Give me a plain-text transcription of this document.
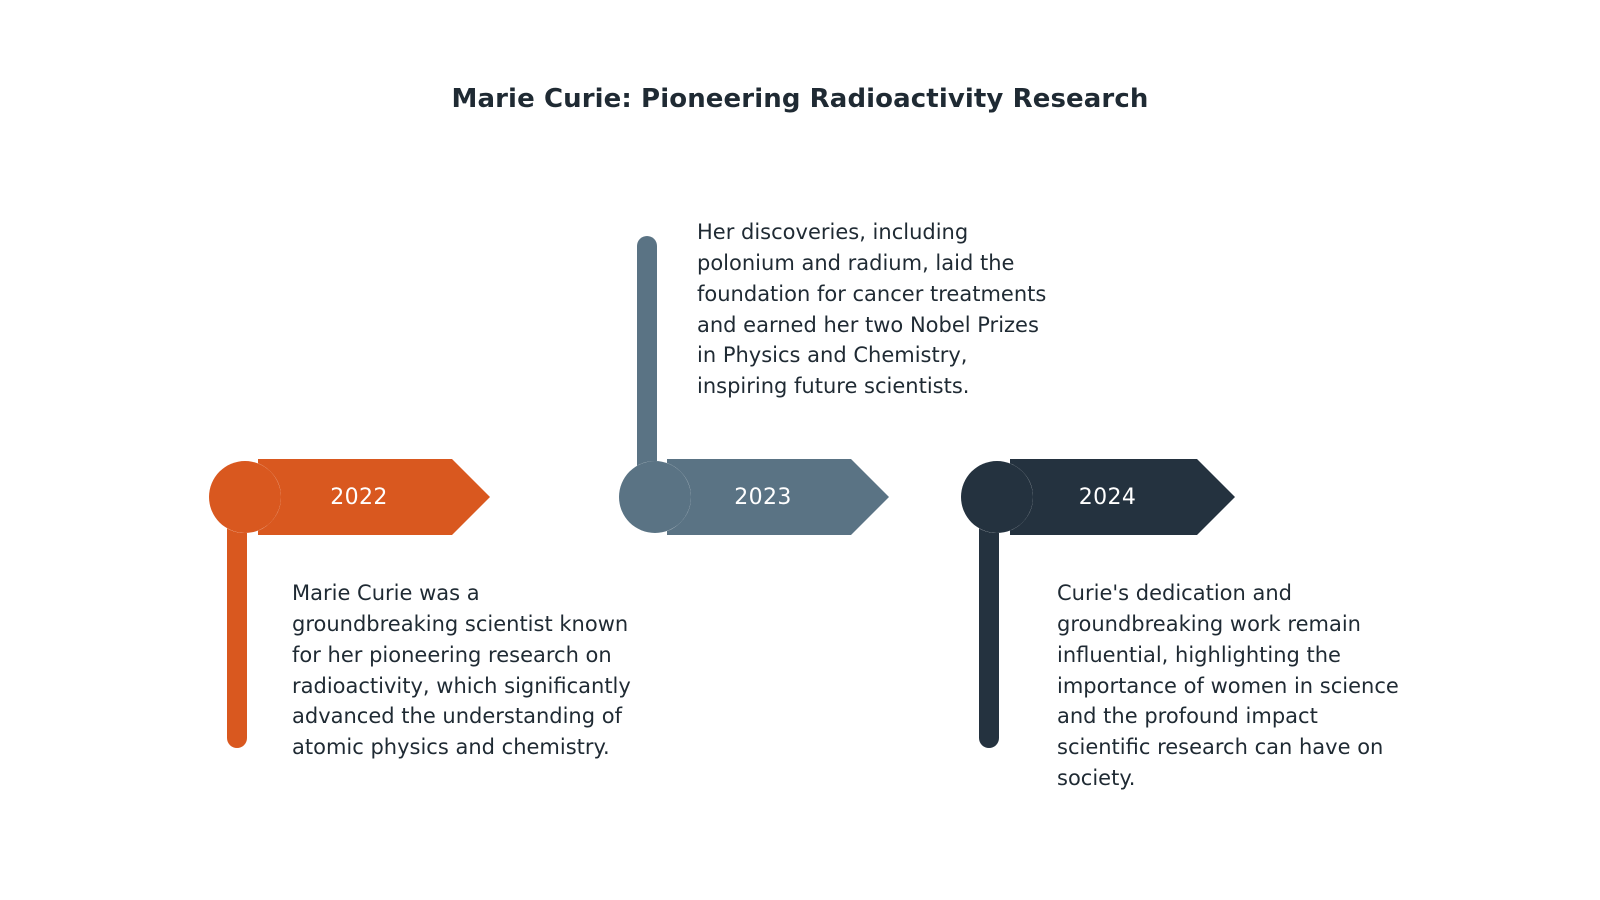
Marie Curie: Pioneering Radioactivity Research
2022
Marie Curie was a groundbreaking scientist known for her pioneering research on radioactivity, which significantly advanced the understanding of atomic physics and chemistry.
2023
Her discoveries, including polonium and radium, laid the foundation for cancer treatments and earned her two Nobel Prizes in Physics and Chemistry, inspiring future scientists.
2024
Curie's dedication and groundbreaking work remain influential, highlighting the importance of women in science and the profound impact scientific research can have on society.
